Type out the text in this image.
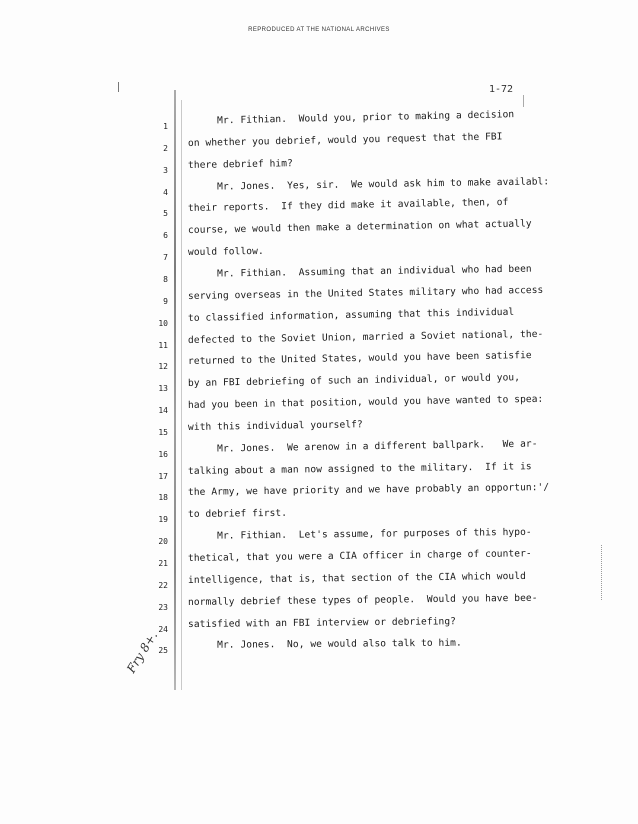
REPRODUCED AT THE NATIONAL ARCHIVES
1-72
1 Mr. Fithian.  Would you, prior to making a decision
2 on whether you debrief, would you request that the FBI
3 there debrief him?
4 Mr. Jones.  Yes, sir.  We would ask him to make availabl:
5 their reports.  If they did make it available, then, of
6 course, we would then make a determination on what actually
7 would follow.
8 Mr. Fithian.  Assuming that an individual who had been
9 serving overseas in the United States military who had access
10 to classified information, assuming that this individual
11 defected to the Soviet Union, married a Soviet national, the-
12 returned to the United States, would you have been satisfie
13 by an FBI debriefing of such an individual, or would you,
14 had you been in that position, would you have wanted to spea:
15 with this individual yourself?
16 Mr. Jones.  We arenow in a different ballpark.   We ar-
17 talking about a man now assigned to the military.  If it is
18 the Army, we have priority and we have probably an opportun:'/
19 to debrief first.
20 Mr. Fithian.  Let's assume, for purposes of this hypo-
21 thetical, that you were a CIA officer in charge of counter-
22 intelligence, that is, that section of the CIA which would
23 normally debrief these types of people.  Would you have bee-
24 satisfied with an FBI interview or debriefing?
25 Mr. Jones.  No, we would also talk to him.
Fry 8+.
